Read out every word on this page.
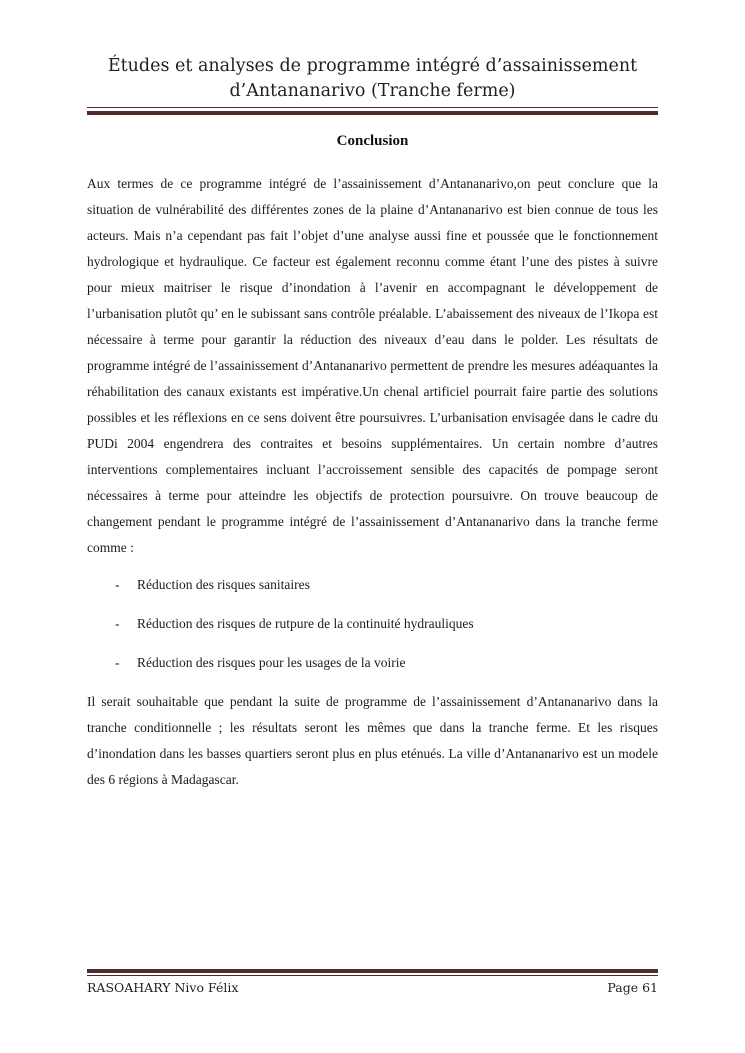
Études et analyses de programme intégré d’assainissement
d’Antananarivo (Tranche ferme)
Conclusion
Aux termes de ce programme intégré de l’assainissement d’Antananarivo,on peut conclure que la situation de vulnérabilité des différentes zones de la plaine d’Antananarivo est bien connue de tous les acteurs. Mais n’a cependant pas fait l’objet d’une analyse aussi fine et poussée que le fonctionnement hydrologique et hydraulique. Ce facteur est également reconnu comme étant l’une des pistes à suivre pour mieux maitriser le risque d’inondation à l’avenir en accompagnant le développement de l’urbanisation plutôt qu’ en le subissant sans contrôle préalable. L’abaissement des niveaux de l’Ikopa est nécessaire à terme pour garantir la réduction des niveaux d’eau dans le polder. Les résultats de programme intégré de l’assainissement d’Antananarivo permettent de prendre les mesures adéaquantes la réhabilitation des canaux existants est impérative.Un chenal artificiel pourrait faire partie des solutions possibles et les réflexions en ce sens doivent être poursuivres. L’urbanisation envisagée dans le cadre du PUDi 2004 engendrera des contraites et besoins supplémentaires. Un certain nombre d’autres interventions complementaires incluant l’accroissement sensible des capacités de pompage seront nécessaires à terme pour atteindre les objectifs de protection poursuivre. On trouve beaucoup de changement pendant le programme intégré de l’assainissement d’Antananarivo dans la tranche ferme comme :
-	Réduction des risques sanitaires
-	Réduction des risques de rutpure de la continuité hydrauliques
-	Réduction des risques pour les usages de la voirie
Il serait souhaitable que pendant la suite de programme de l’assainissement d’Antananarivo dans la tranche conditionnelle ; les résultats seront les mêmes que dans la tranche ferme. Et les risques d’inondation dans les basses quartiers seront plus en plus eténués. La ville d’Antananarivo est un modele des 6 régions à Madagascar.
RASOAHARY Nivo Félix	Page 61
